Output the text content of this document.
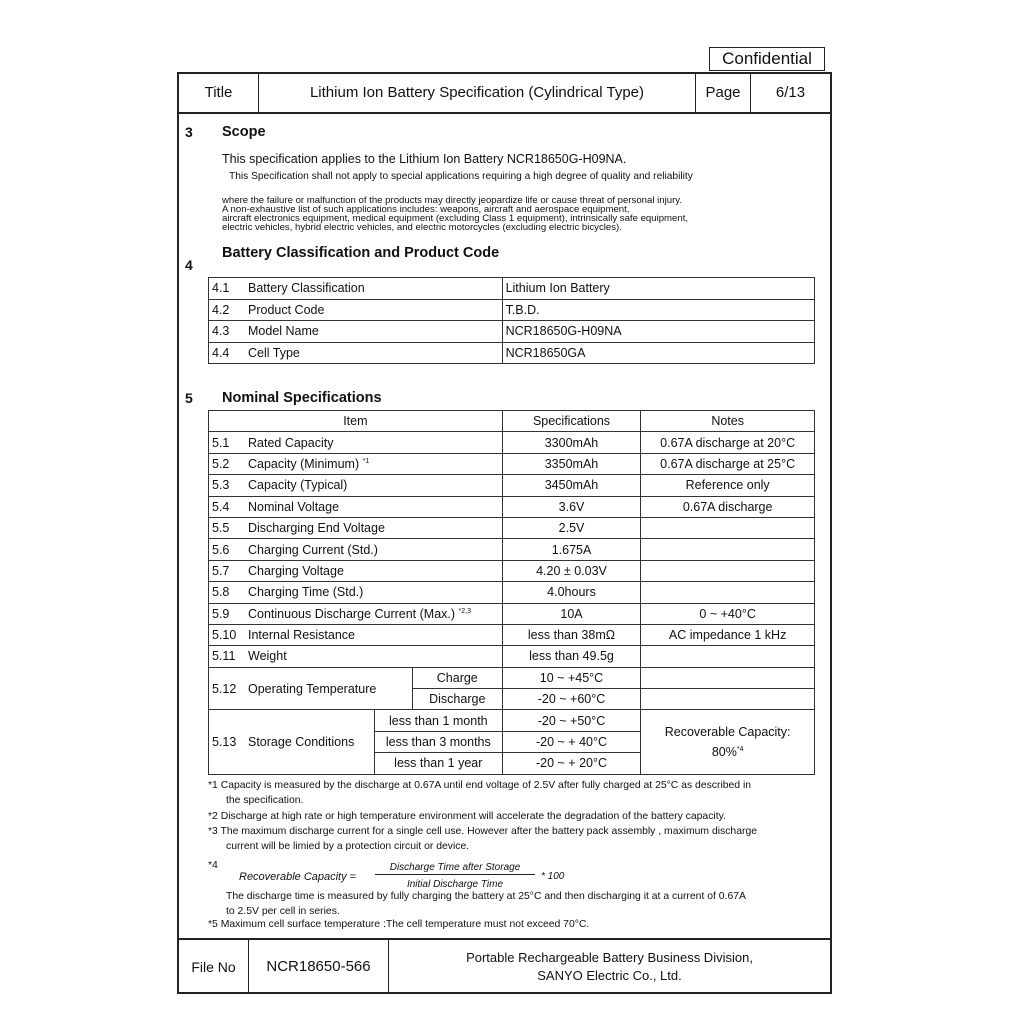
Confidential
Title	Lithium Ion Battery Specification (Cylindrical Type)	Page	6/13
3 Scope
This specification applies to the Lithium Ion Battery NCR18650G-H09NA.
This Specification shall not apply to special applications requiring a high degree of quality and reliability
where the failure or malfunction of the products may directly jeopardize life or cause threat of personal injury.
A non-exhaustive list of such applications includes: weapons, aircraft and aerospace equipment,
aircraft electronics equipment, medical equipment (excluding Class 1 equipment), intrinsically safe equipment,
electric vehicles, hybrid electric vehicles, and electric motorcycles (excluding electric bicycles).
4
Battery Classification and Product Code
4.1 Battery Classification	Lithium Ion Battery
4.2 Product Code	T.B.D.
4.3 Model Name	NCR18650G-H09NA
4.4 Cell Type	NCR18650GA
5 Nominal Specifications
Item			Specifications	Notes
5.1 Rated Capacity			3300mAh	0.67A discharge at 20°C
5.2 Capacity (Minimum) $^{*1}$			3350mAh	0.67A discharge at 25°C
5.3 Capacity (Typical)			3450mAh	Reference only
5.4 Nominal Voltage			3.6V	0.67A discharge
5.5 Discharging End Voltage			2.5V	
5.6 Charging Current (Std.)			1.675A	
5.7 Charging Voltage			4.20 ± 0.03V	
5.8 Charging Time (Std.)			4.0hours	
5.9 Continuous Discharge Current (Max.) $^{*2,3}$			10A	0 ~ +40°C
5.10 Internal Resistance			less than 38mΩ	AC impedance 1 kHz
5.11 Weight			less than 49.5g	
5.12 Operating Temperature		Charge	10 ~ +45°C	
		Discharge	-20 ~ +60°C	
5.13 Storage Conditions	less than 1 month		-20 ~ +50°C	Recoverable Capacity:
80%$^{*4}$

	less than 3 months		-20 ~ + 40°C	
	less than 1 year		-20 ~ + 20°C	
*1 Capacity is measured by the discharge at 0.67A until end voltage of 2.5V after fully charged at 25°C as described in
the specification.
*2 Discharge at high rate or high temperature environment will accelerate the degradation of the battery capacity.
*3 The maximum discharge current for a single cell use. However after the battery pack assembly , maximum discharge
current will be limied by a protection circuit or device.
*4
Recoverable Capacity =
Discharge Time after Storage
Initial Discharge Time
* 100
The discharge time is measured by fully charging the battery at 25°C and then discharging it at a current of 0.67A
to 2.5V per cell in series.
*5 Maximum cell surface temperature :The cell temperature must not exceed 70°C.
File No	NCR18650-566
Portable Rechargeable Battery Business Division,
SANYO Electric Co., Ltd.
